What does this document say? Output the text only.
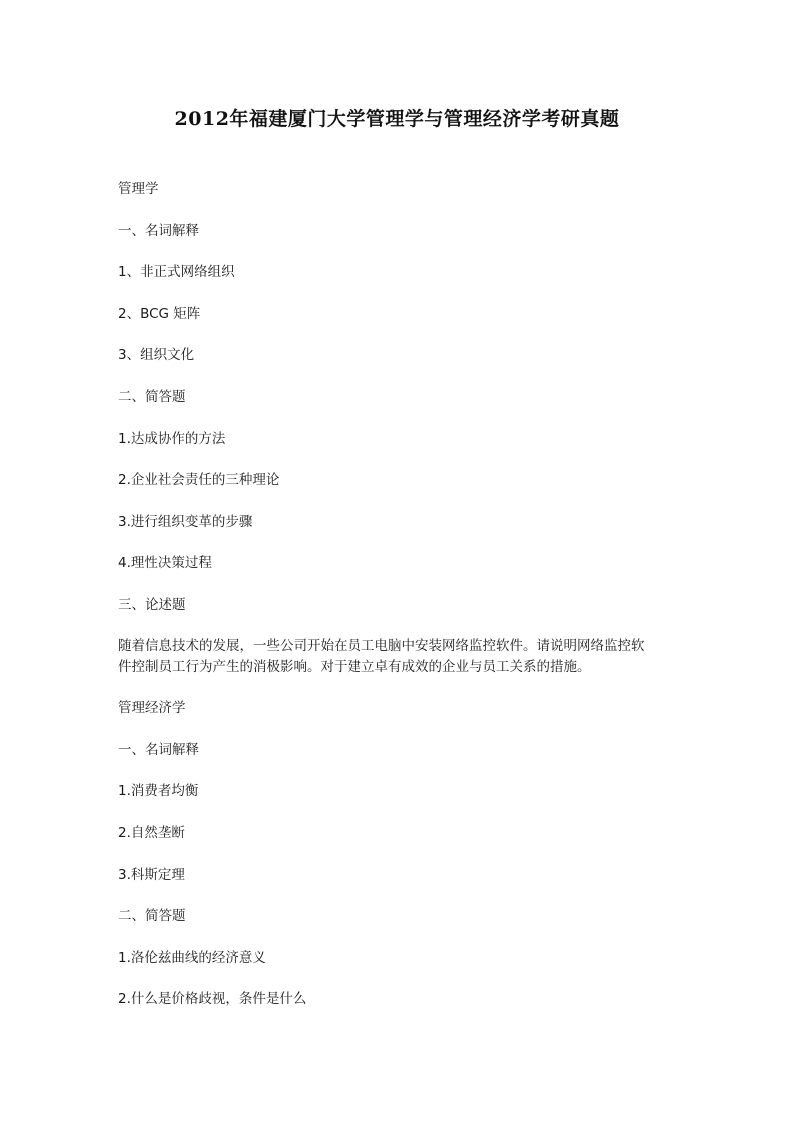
2012年福建厦门大学管理学与管理经济学考研真题
管理学
一、名词解释
1、非正式网络组织
2、BCG 矩阵
3、组织文化
二、简答题
1.达成协作的方法
2.企业社会责任的三种理论
3.进行组织变革的步骤
4.理性决策过程
三、论述题
随着信息技术的发展，一些公司开始在员工电脑中安装网络监控软件。请说明网络监控软
件控制员工行为产生的消极影响。对于建立卓有成效的企业与员工关系的措施。
管理经济学
一、名词解释
1.消费者均衡
2.自然垄断
3.科斯定理
二、简答题
1.洛伦兹曲线的经济意义
2.什么是价格歧视，条件是什么
